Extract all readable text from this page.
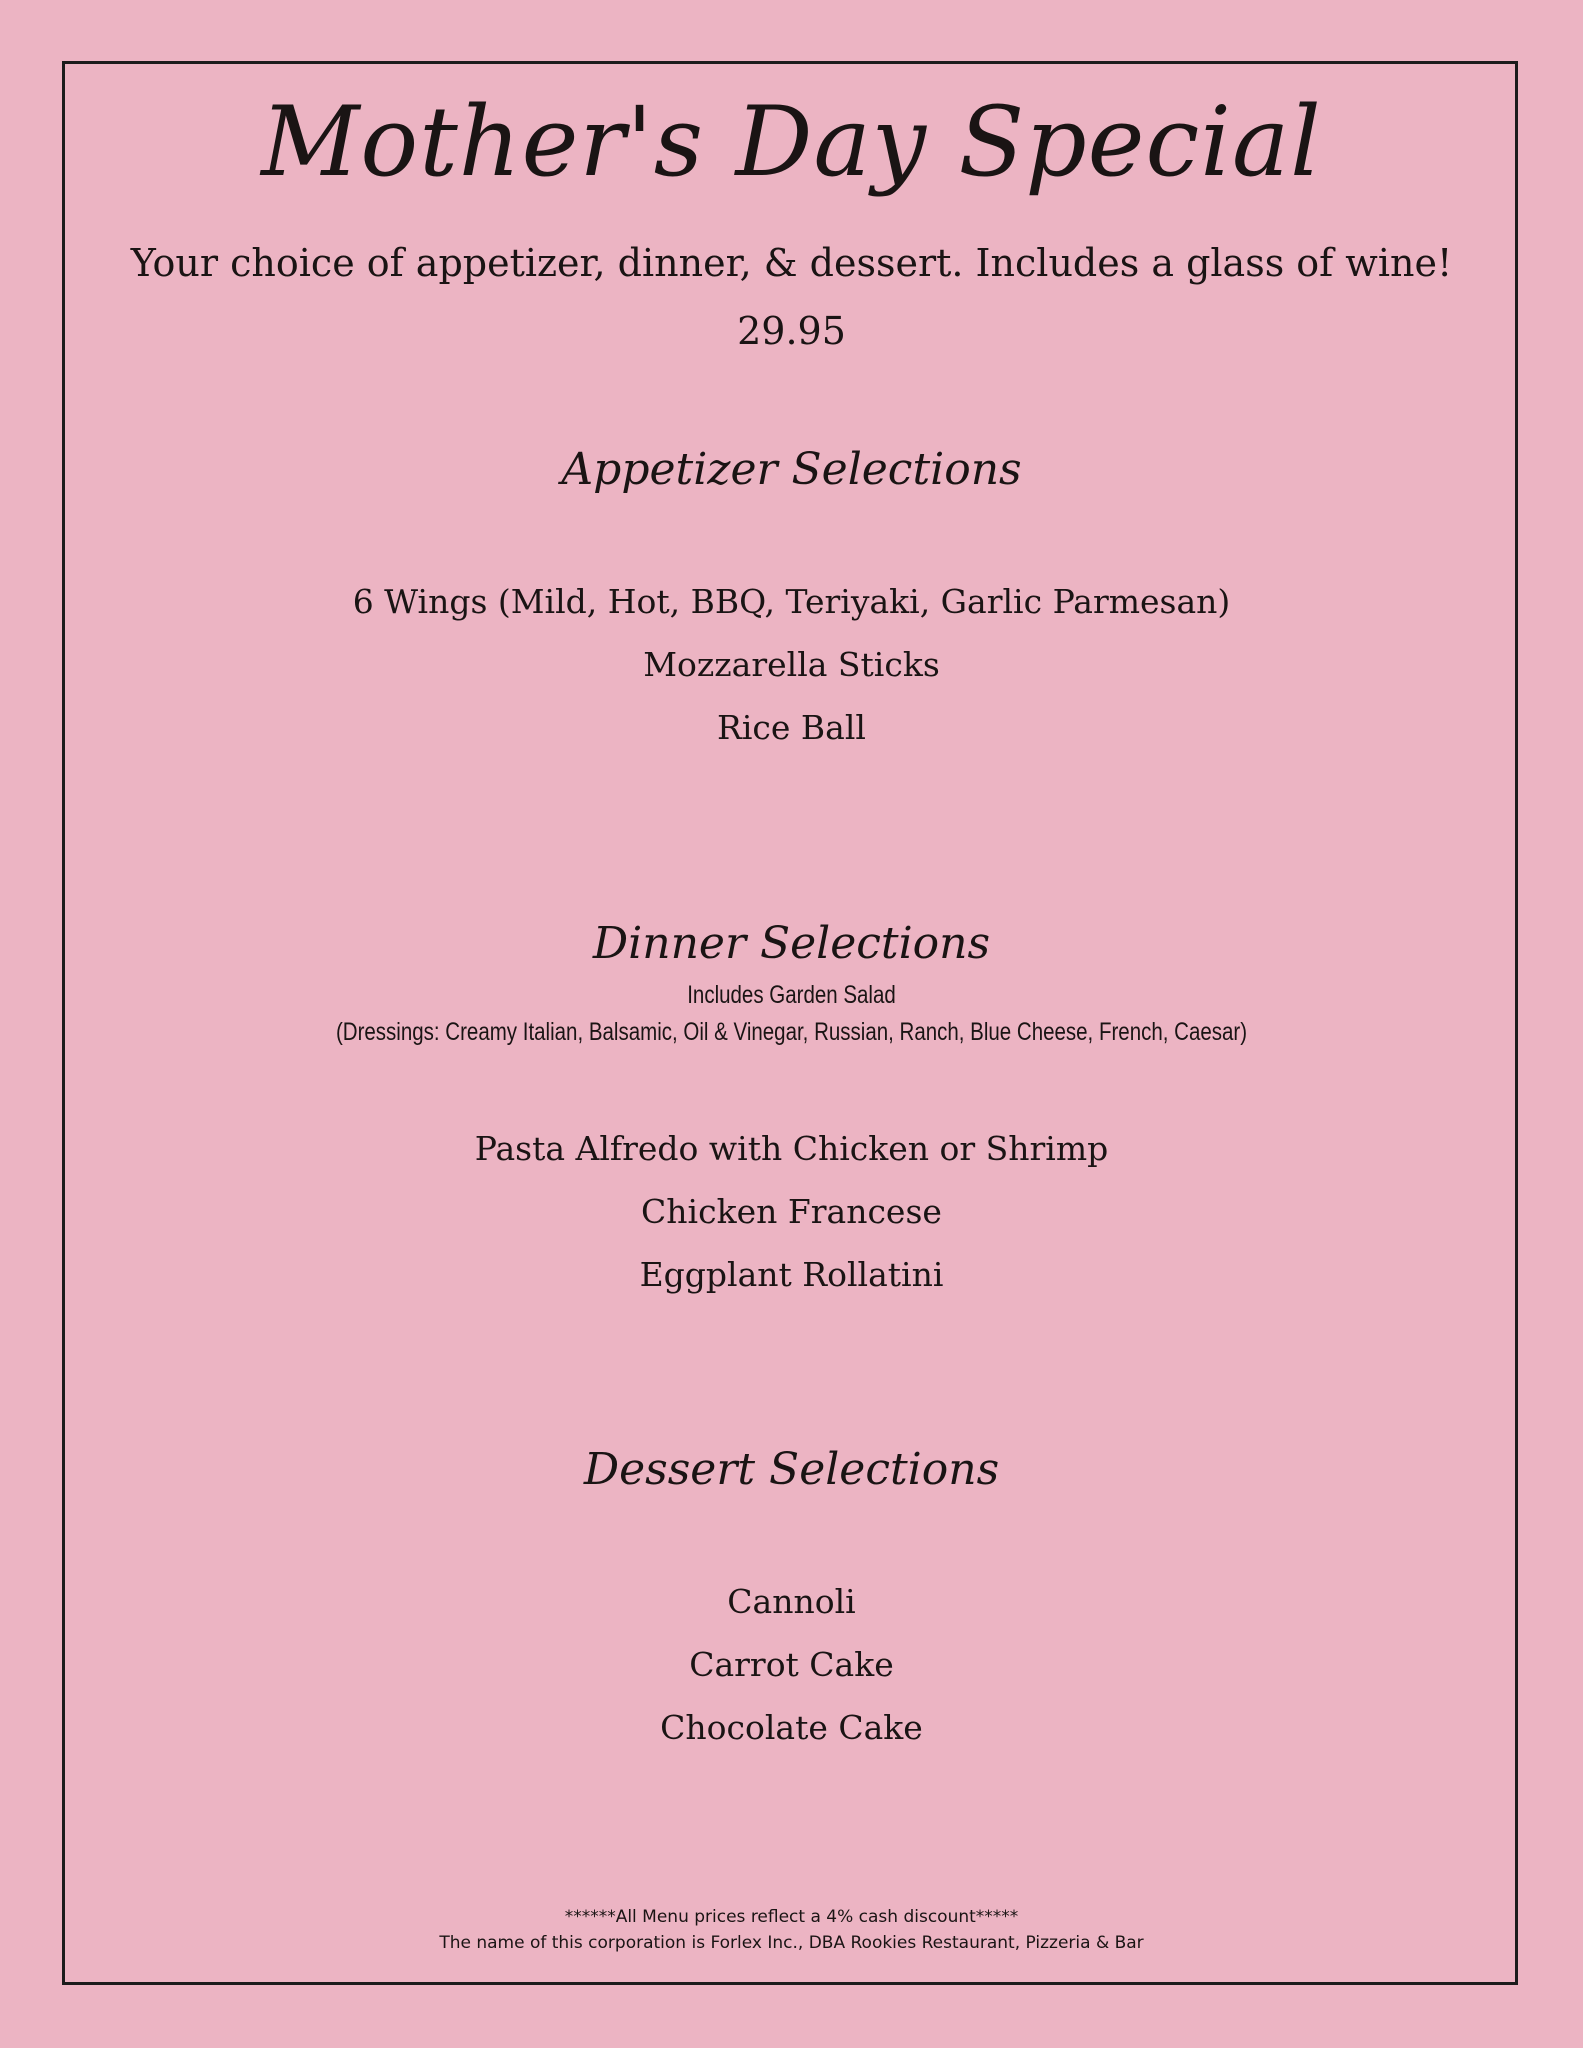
Mother's Day Special
Your choice of appetizer, dinner, & dessert. Includes a glass of wine!
29.95
Appetizer Selections
6 Wings (Mild, Hot, BBQ, Teriyaki, Garlic Parmesan)
Mozzarella Sticks
Rice Ball
Dinner Selections
Includes Garden Salad
(Dressings: Creamy Italian, Balsamic, Oil & Vinegar, Russian, Ranch, Blue Cheese, French, Caesar)
Pasta Alfredo with Chicken or Shrimp
Chicken Francese
Eggplant Rollatini
Dessert Selections
Cannoli
Carrot Cake
Chocolate Cake
******All Menu prices reflect a 4% cash discount*****
The name of this corporation is Forlex Inc., DBA Rookies Restaurant, Pizzeria & Bar
